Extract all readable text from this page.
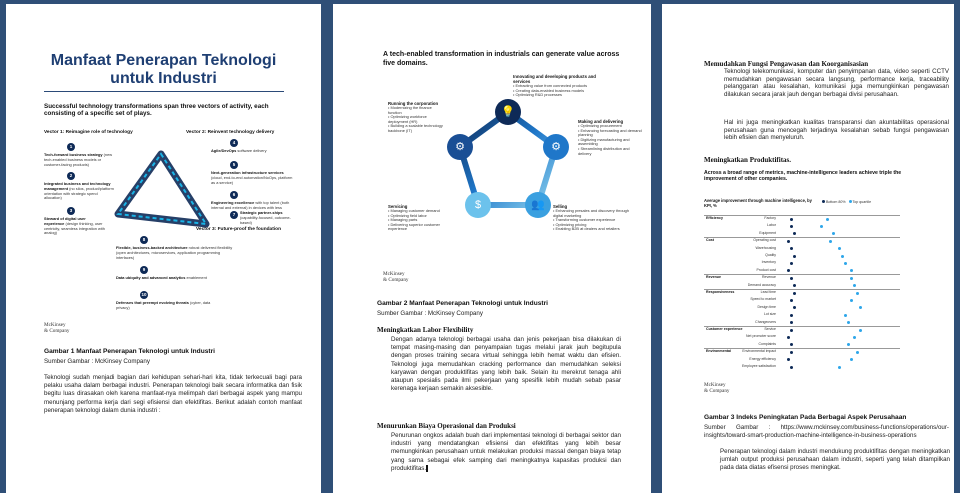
Manfaat Penerapan Teknologi
untuk Industri
Successful technology transformations span three vectors of activity, each consisting of a specific set of plays.
Vector 1: Reimagine role of technology	Vector 2: Reinvent technology delivery
Vector 3: Future-proof the foundation
1
Tech-forward business strategy (new tech-enabled business models or customer-facing products)
2
Integrated business and technology management (no silos, product/platform orientation with strategic spend allocation)
3
Steward of digital user experience (design thinking, user centricity, seamless integration with analog)
4
Agile/DevOps software delivery
5
Next-generation infrastructure services (cloud, end-to-end automation/NoOps, platform as a service)
6
Engineering excellence with top talent (both internal and external) in devices with less
7	Strategic partner-ships (capability-focused, outcome-based)
8
Flexible, business-backed architecture robust delivered flexibility (open architectures, microservices, application programming interfaces)
9
Data ubiquity and advanced analytics enablement
10
Defenses that preempt evolving threats (cyber, data privacy)
McKinsey
& Company
Gambar 1 Manfaat Penerapan Teknologi untuk Industri
Sumber Gambar : McKinsey Company
Teknologi sudah menjadi bagian dari kehidupan sehari-hari kita, tidak terkecuali bagi para pelaku usaha dalam berbagai industri. Penerapan teknologi baik secara informatika dan fisik begitu luas dirasakan oleh karena manfaat-nya melimpah dari berbagai aspek yang mampu menunjang performa kerja dari segi efisiensi dan efektifitas. Berikut adalah contoh manfaat penerapan teknologi dalam dunia industri :
A tech-enabled transformation in industrials can generate value across five domains.
💡
⚙
👥
$
⚙
Innovating and developing products and services
• Extracting value from connected products
• Creating data-enabled business models
• Optimizing R&D processes
Running the corporation
• Modernizing the finance function
• Optimizing workforce deployment (HR)
• Building a scalable technology backbone (IT)
Making and delivering
• Optimizing procurement
• Enhancing forecasting and demand planning
• Digitizing manufacturing and assembling
• Streamlining distribution and delivery
Servicing
• Managing customer demand
• Optimizing field labor
• Managing parts
• Delivering superior customer experience
Selling
• Enhancing presales and discovery through digital marketing
• Transforming customer experience
• Optimizing pricing
• Enabling B2B at dealers and retailers
McKinsey
& Company
Gambar 2 Manfaat Penerapan Teknologi untuk Industri
Sumber Gambar : McKinsey Company
Meningkatkan Labor Flexibility
Dengan adanya teknologi berbagai usaha dan jenis pekerjaan bisa dilakukan di tempat masing-masing dan penyampaian tugas melalui jarak jauh begitupula dengan proses training secara virtual sehingga lebih hemat waktu dan efisien. Teknologi juga memudahkan cracking performance dan memudahkan seleksi karyawan dengan produktifitas yang lebih baik. Selain itu merekrut tenaga ahli ataupun spesialis pada ilmi pekerjaan yang spesifik lebih mudah sebab pasar kerenaga kerjaan semakin aksesible.
Menurunkan Biaya Operasional dan Produksi
Penurunan ongkos adalah buah dari implementasi teknologi di berbagai sektor dan industri yang mendatangkan efisiensi dan efektifitas yang lebih besar memungkinkan perusahaan untuk melakukan produksi massal dengan biaya tetap yang sama sebagai efek samping dari meningkatnya kapasitas produksi dan produktifitas.
Memudahkan Fungsi Pengawasan dan Koorganisasian
Teknologi telekomunikasi, komputer dan penyimpanan data, video seperti CCTV memudahkan pengawasan secara langsung, performance kerja, traceability pelanggaran atau kesalahan, komunikasi juga memungkinkan pengawasan dilakukan secara jarak jauh dengan berbagai divisi perusahaan.
Hal ini juga meningkatkan kualitas transparansi dan akuntabilitas operasional perusahaan guna mencegah terjadinya kesalahan sebab fungsi pengawasan lebih efisien dan menyeluruh.
Meningkatkan Produktifitas.
Across a broad range of metrics, machine-intelligence leaders achieve triple the improvement of other companies.
Average improvement through machine intelligence, by KPI, %
Bottom 80% Top quartile
Efficiency	Factory
Labor
Equipment
Cost	Operating cost
Warehousing
Quality
Inventory
Product cost
Revenue	Revenue
Demand accuracy
Responsiveness	Lead time
Speed to market
Design time
Lot size
Changeovers
Customer experience	Service
Net promoter score
Complaints
Environmental	Environmental impact
Energy efficiency
Employee satisfaction
McKinsey
& Company
Gambar 3 Indeks Peningkatan Pada Berbagai Aspek Perusahaan
Sumber Gambar : https://www.mckinsey.com/business-functions/operations/our-insights/toward-smart-production-machine-intelligence-in-business-operations
Penerapan teknologi dalam industri mendukung produktifitas dengan meningkatkan jumlah output produksi perusahaan dalam industri, seperti yang telah ditampilkan pada data diatas efisensi proses meningkat.
